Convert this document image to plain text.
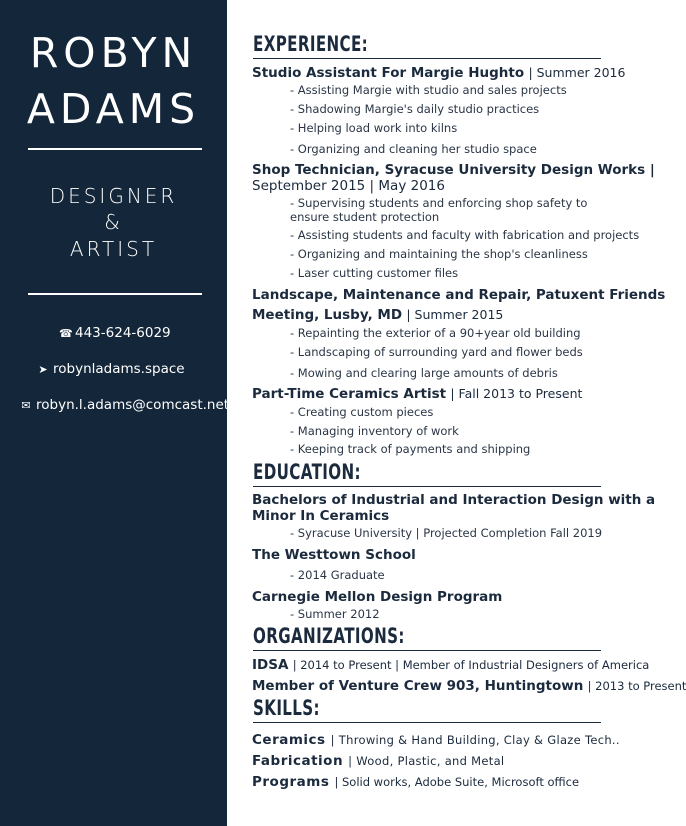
ROBYN
ADAMS
DESIGNER
&
ARTIST
☎ 443-624-6029
➤ robynladams.space
✉ robyn.l.adams@comcast.net
EXPERIENCE:
Studio Assistant For Margie Hughto | Summer 2016
- Assisting Margie with studio and sales projects
- Shadowing Margie's daily studio practices
- Helping load work into kilns
- Organizing and cleaning her studio space
Shop Technician, Syracuse University Design Works |
September 2015 | May 2016
- Supervising students and enforcing shop safety to ensure student protection
- Assisting students and faculty with fabrication and projects
- Organizing and maintaining the shop's cleanliness
- Laser cutting customer files
Landscape, Maintenance and Repair, Patuxent Friends
Meeting, Lusby, MD | Summer 2015
- Repainting the exterior of a 90+year old building
- Landscaping of surrounding yard and flower beds
- Mowing and clearing large amounts of debris
Part-Time Ceramics Artist | Fall 2013 to Present
- Creating custom pieces
- Managing inventory of work
- Keeping track of payments and shipping
EDUCATION:
Bachelors of Industrial and Interaction Design with a
Minor In Ceramics
- Syracuse University | Projected Completion Fall 2019
The Westtown School
- 2014 Graduate
Carnegie Mellon Design Program
- Summer 2012
ORGANIZATIONS:
IDSA | 2014 to Present | Member of Industrial Designers of America
Member of Venture Crew 903, Huntingtown | 2013 to Present
SKILLS:
Ceramics | Throwing & Hand Building, Clay & Glaze Tech..
Fabrication | Wood, Plastic, and Metal
Programs | Solid works, Adobe Suite, Microsoft office
